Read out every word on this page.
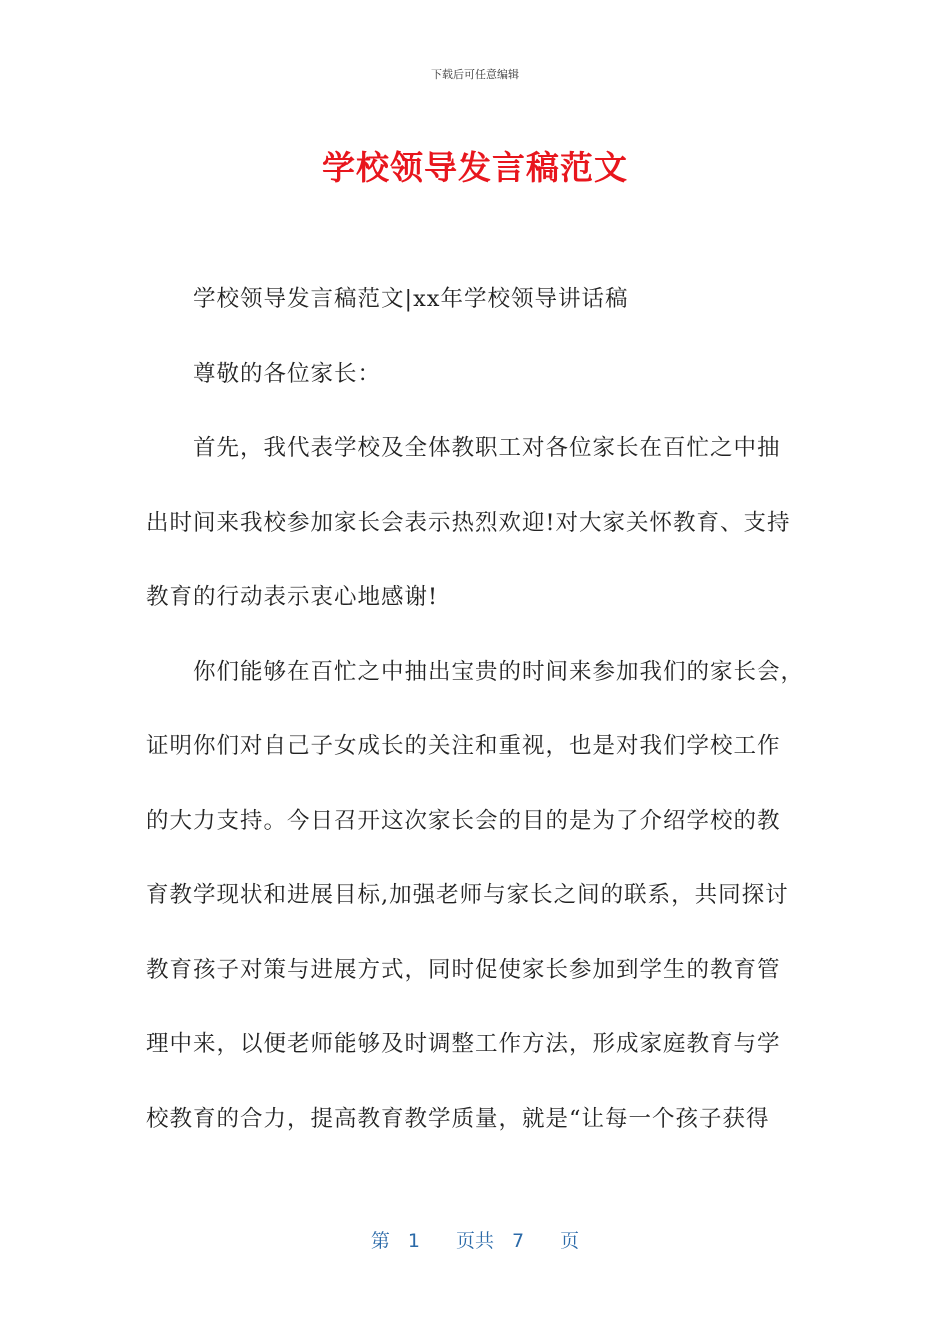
下载后可任意编辑
学校领导发言稿范文
学校领导发言稿范文|xx年学校领导讲话稿
尊敬的各位家长：
首先，我代表学校及全体教职工对各位家长在百忙之中抽
出时间来我校参加家长会表示热烈欢迎!对大家关怀教育、支持
教育的行动表示衷心地感谢!
你们能够在百忙之中抽出宝贵的时间来参加我们的家长会，
证明你们对自己子女成长的关注和重视，也是对我们学校工作
的大力支持。今日召开这次家长会的目的是为了介绍学校的教
育教学现状和进展目标,加强老师与家长之间的联系，共同探讨
教育孩子对策与进展方式，同时促使家长参加到学生的教育管
理中来，以便老师能够及时调整工作方法，形成家庭教育与学
校教育的合力，提高教育教学质量，就是“让每一个孩子获得
第 1 页共 7 页
